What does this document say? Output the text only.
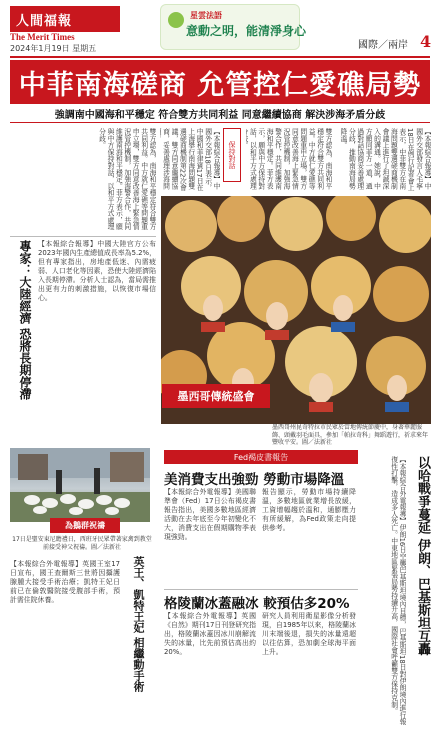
人間福報
The Merit Times
2024年1月19日 星期五
星雲法語
意動之明，能清淨身心
國際／兩岸 4
中菲南海磋商 允管控仁愛礁局勢
強調南中國海和平穩定 符合雙方共同利益 同意繼續協商 解決涉海矛盾分歧
【本報綜合報導】中國外交部發言人毛寧18日在例行記者會上表示，中菲雙方在南海問題雙邊磋商機制會議上進行了坦誠深入的溝通。她說，中方願同菲方一道，通過對話協商妥善處理分歧，推動南海局勢降溫。
雙方認為，南海和平穩定符合雙方共同利益。中方就仁愛礁等問題重申立場，雙方同意改善海上緊急情況管控機制，加強海警合作，共同維護南海和平穩定。菲方表示，願與中方保持對話，以和平方式處理
保持對話
【本報綜合報導】中國外交部18日表示，中國和菲律賓17日在上海舉行南海問題雙邊磋商機制第22次會議，雙方同意繼續協商，妥善處理涉海問
雙方認為，南海和平穩定符合雙方共同利益。中方就仁愛礁等問題重申立場，雙方同意改善海上緊急情況管控機制，加強海警合作，共同維護南海和平穩定。菲方表示，願與中方保持對話，以和平方式處理分歧。
專家：大陸經濟 恐將長期停滯 【本報綜合報導】中國大陸官方公布2023年國內生產總值成長率為5.2%，但有專家指出，房地產低迷、內需疲弱、人口老化等因素，恐使大陸經濟陷入長期停滯。分析人士認為，當局需推出更有力的刺激措施，以恢復市場信心。
為鵝群祝禱
17日是聖安東尼瞻禮日，西班牙民眾帶著家禽到教堂前接受神父祝禱。圖／法新社
英王、凱特王妃 相繼動手術
【本報綜合外電報導】英國王室17日宣布，國王查爾斯三世將因攝護腺腫大接受手術治療；凱特王妃日前已在倫敦醫院接受腹部手術，預計需住院休養。
墨西哥傳統盛會
墨西哥州昆奇特拉市民眾於當地傳統節慶中，身著華麗服飾、頭戴羽毛面具，參加「帕拉奇科」舞蹈遊行，祈求來年豐收平安。圖／法新社
Fed褐皮書報告
美消費支出強勁 勞動市場降溫
【本報綜合外電報導】美國聯準會（Fed）17日公布褐皮書報告指出，美國多數地區經濟活動在去年底至今年初變化不大，消費支出在假期購物季表現強勁。
報告顯示，勞動市場持續降溫，多數地區就業增長放緩，工資增幅趨於溫和，通膨壓力有所緩解，為Fed政策走向提供參考。
格陵蘭冰蓋融冰 較預估多20%
【本報綜合外電報導】英國《自然》期刊17日刊登研究指出，格陵蘭冰蓋因冰川崩解流失的冰量，比先前預估高出約20%。
研究人員利用衛星影像分析發現，自1985年以來，格陵蘭冰川末端後退，損失的冰量遠超以往估算，恐加劇全球海平面上升。	以哈戰爭蔓延 伊朗、巴基斯坦互轟
【本報綜合外電報導】伊朗16日空襲巴基斯坦境內目標，巴基斯坦18日對伊朗境內進行報復性打擊，造成多人死亡。中東地區緊張局勢持續升高，國際社會呼籲雙方保持克制。
